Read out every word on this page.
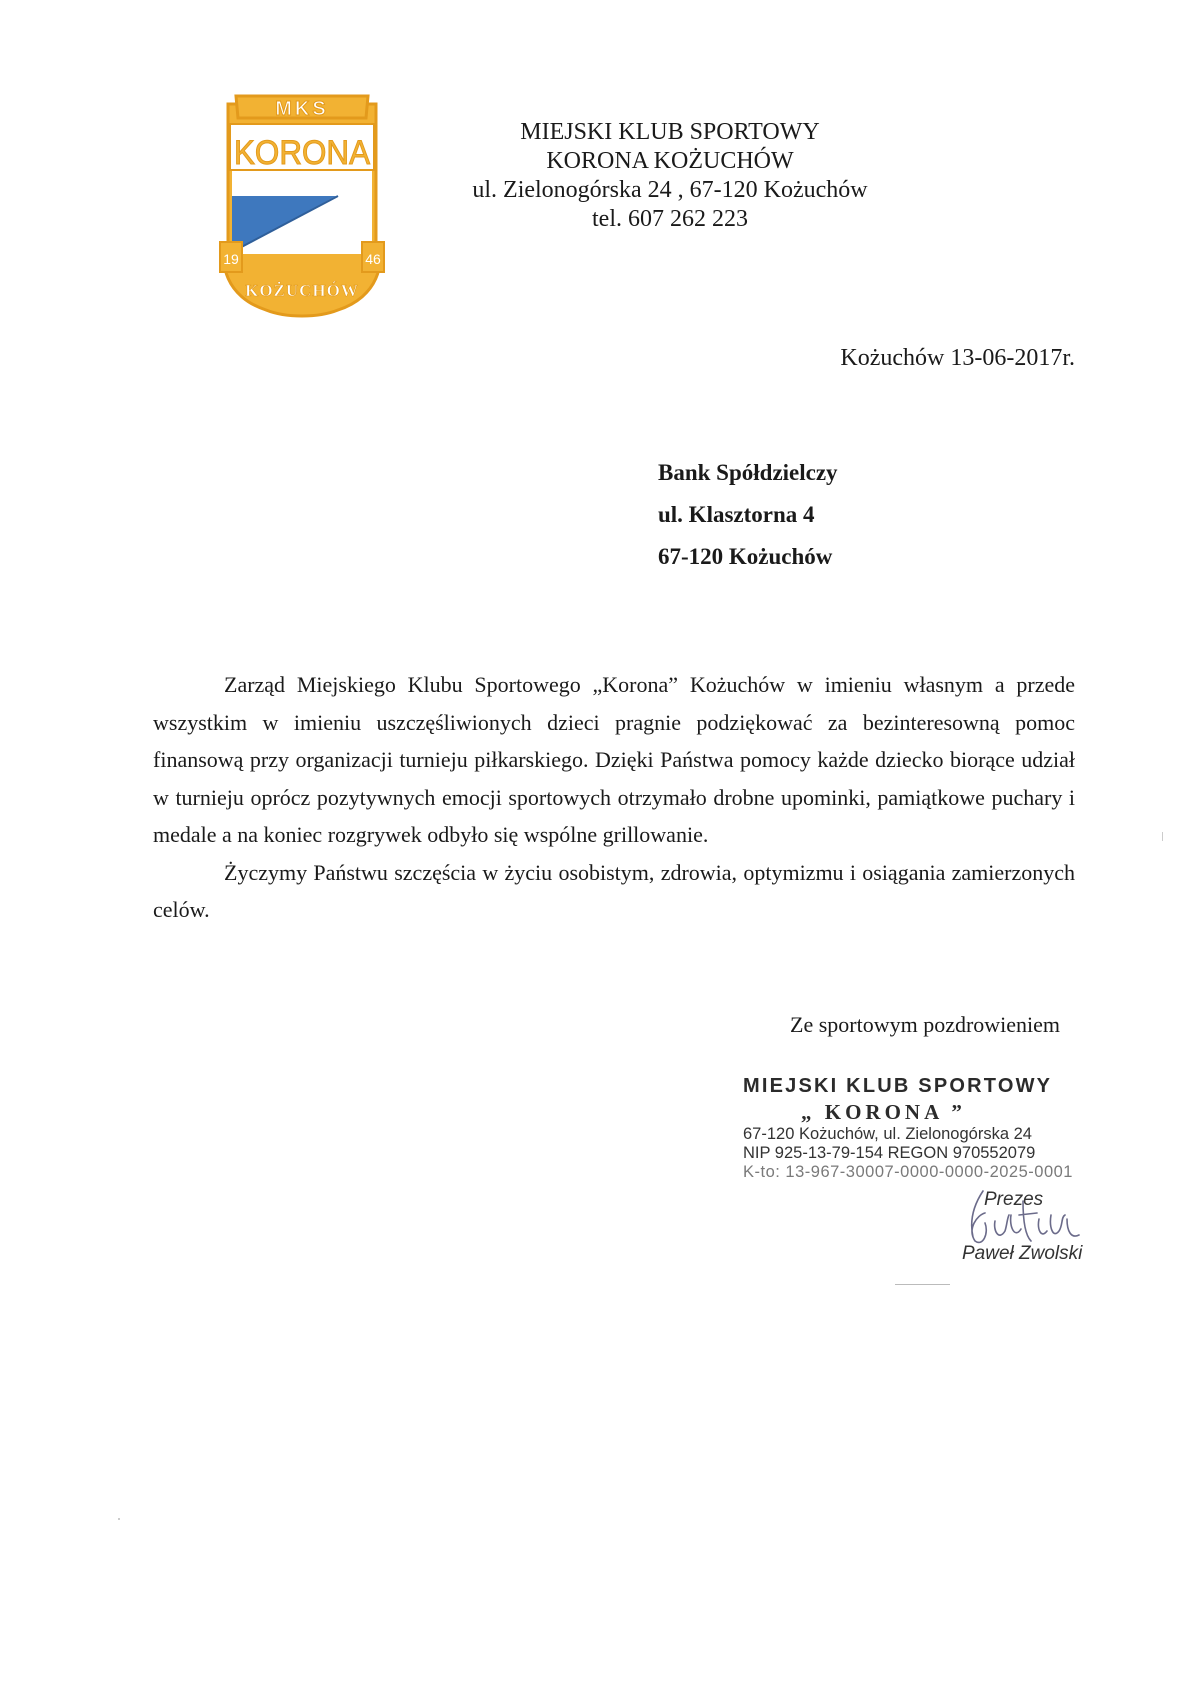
MKS
KORONA
19	46
KOŻUCHÓW
MIEJSKI KLUB SPORTOWY
KORONA KOŻUCHÓW
ul. Zielonogórska 24 , 67-120 Kożuchów
tel. 607 262 223
Kożuchów 13-06-2017r.
Bank Spółdzielczy
ul. Klasztorna 4
67-120 Kożuchów

Zarząd Miejskiego Klubu Sportowego „Korona” Kożuchów w imieniu własnym a przede wszystkim w imieniu uszczęśliwionych dzieci pragnie podziękować za bezinteresowną pomoc finansową przy organizacji turnieju piłkarskiego. Dzięki Państwa pomocy każde dziecko biorące udział w turnieju oprócz pozytywnych emocji sportowych otrzymało drobne upominki, pamiątkowe puchary i medale a na koniec rozgrywek odbyło się wspólne grillowanie.

Życzymy Państwu szczęścia w życiu osobistym, zdrowia, optymizmu i osiągania zamierzonych celów.

Ze sportowym pozdrowieniem
MIEJSKI KLUB SPORTOWY
„ KORONA ”
67-120 Kożuchów, ul. Zielonogórska 24
NIP 925-13-79-154 REGON 970552079
K-to: 13-967-30007-0000-0000-2025-0001
Prezes
Paweł Zwolski
